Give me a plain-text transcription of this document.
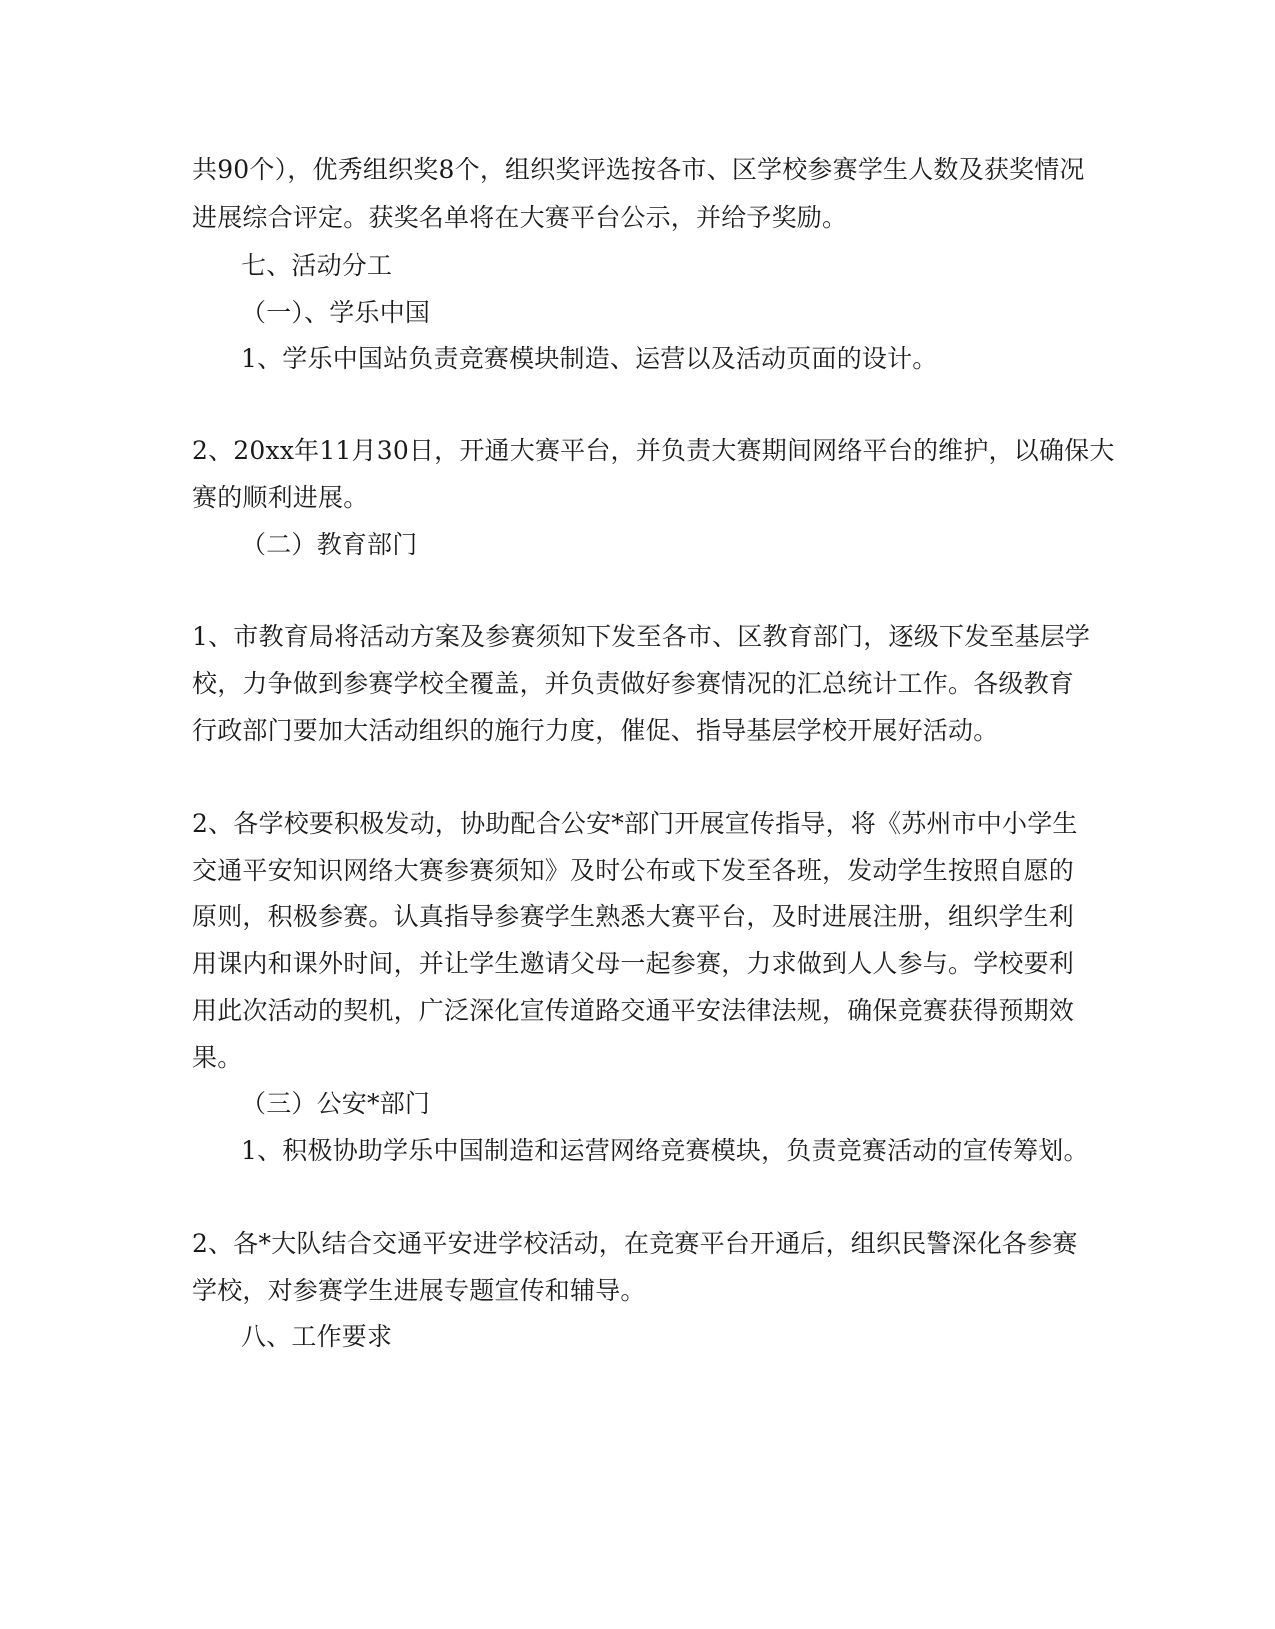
共90个），优秀组织奖8个，组织奖评选按各市、区学校参赛学生人数及获奖情况
进展综合评定。获奖名单将在大赛平台公示，并给予奖励。
七、活动分工
（一）、学乐中国
1、学乐中国站负责竞赛模块制造、运营以及活动页面的设计。
2、20xx年11月30日，开通大赛平台，并负责大赛期间网络平台的维护，以确保大
赛的顺利进展。
（二）教育部门
1、市教育局将活动方案及参赛须知下发至各市、区教育部门，逐级下发至基层学
校，力争做到参赛学校全覆盖，并负责做好参赛情况的汇总统计工作。各级教育
行政部门要加大活动组织的施行力度，催促、指导基层学校开展好活动。
2、各学校要积极发动，协助配合公安*部门开展宣传指导，将《苏州市中小学生
交通平安知识网络大赛参赛须知》及时公布或下发至各班，发动学生按照自愿的
原则，积极参赛。认真指导参赛学生熟悉大赛平台，及时进展注册，组织学生利
用课内和课外时间，并让学生邀请父母一起参赛，力求做到人人参与。学校要利
用此次活动的契机，广泛深化宣传道路交通平安法律法规，确保竞赛获得预期效
果。
（三）公安*部门
1、积极协助学乐中国制造和运营网络竞赛模块，负责竞赛活动的宣传筹划。
2、各*大队结合交通平安进学校活动，在竞赛平台开通后，组织民警深化各参赛
学校，对参赛学生进展专题宣传和辅导。
八、工作要求
